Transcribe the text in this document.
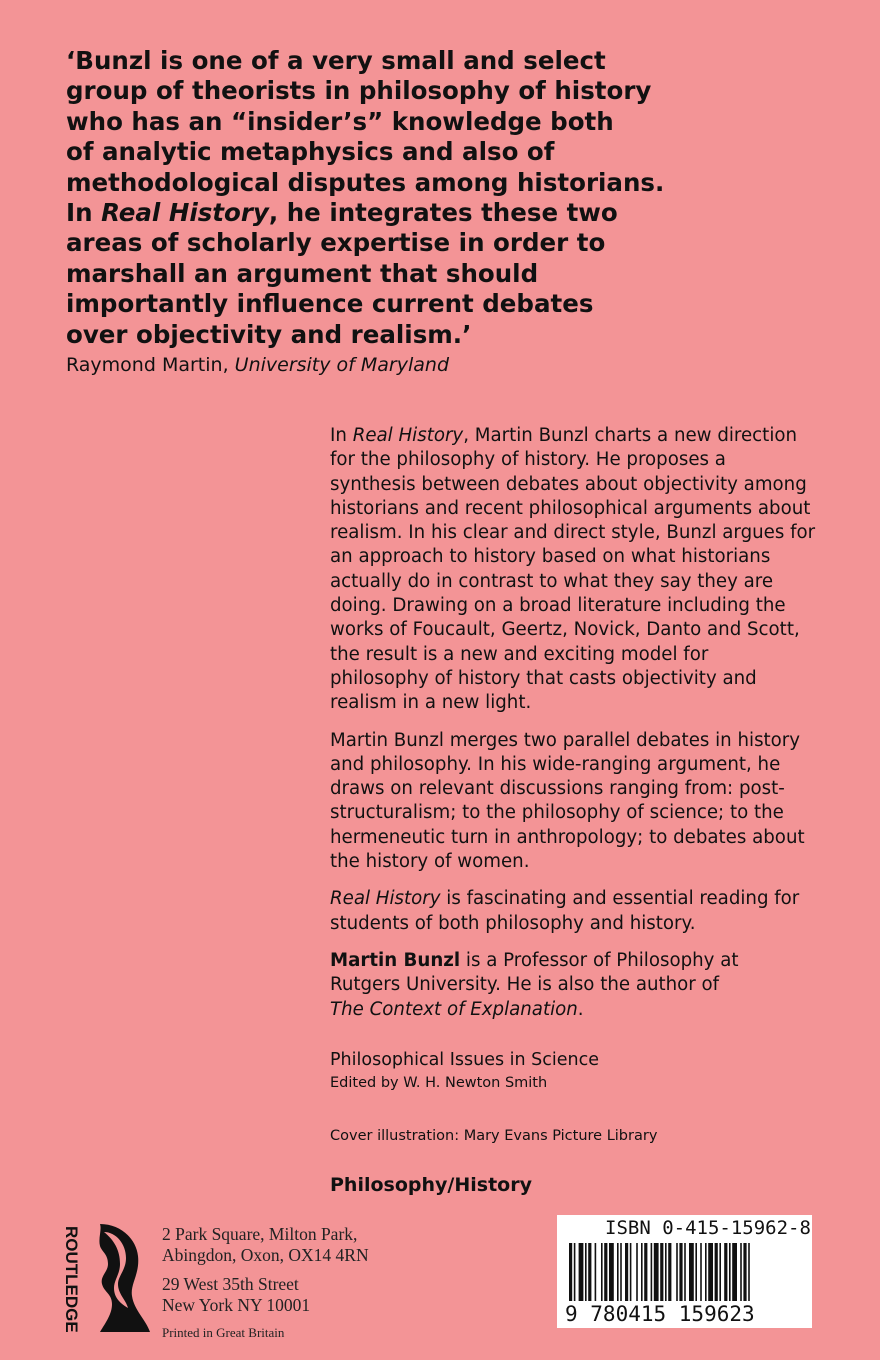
‘Bunzl is one of a very small and select
group of theorists in philosophy of history
who has an “insider’s” knowledge both
of analytic metaphysics and also of
methodological disputes among historians.
In Real History, he integrates these two
areas of scholarly expertise in order to
marshall an argument that should
importantly influence current debates
over objectivity and realism.’
Raymond Martin, University of Maryland
In Real History, Martin Bunzl charts a new direction
for the philosophy of history. He proposes a
synthesis between debates about objectivity among
historians and recent philosophical arguments about
realism. In his clear and direct style, Bunzl argues for
an approach to history based on what historians
actually do in contrast to what they say they are
doing. Drawing on a broad literature including the
works of Foucault, Geertz, Novick, Danto and Scott,
the result is a new and exciting model for
philosophy of history that casts objectivity and
realism in a new light.
Martin Bunzl merges two parallel debates in history
and philosophy. In his wide-ranging argument, he
draws on relevant discussions ranging from: post-
structuralism; to the philosophy of science; to the
hermeneutic turn in anthropology; to debates about
the history of women.
Real History is fascinating and essential reading for
students of both philosophy and history.
Martin Bunzl is a Professor of Philosophy at
Rutgers University. He is also the author of
The Context of Explanation.
Philosophical Issues in Science
Edited by W. H. Newton Smith
Cover illustration: Mary Evans Picture Library
Philosophy/History
ROUTLEDGE	2 Park Square, Milton Park,
Abingdon, Oxon, OX14 4RN
29 West 35th Street
New York NY 10001
Printed in Great Britain
ISBN 0-415-15962-8
9 780415 159623
